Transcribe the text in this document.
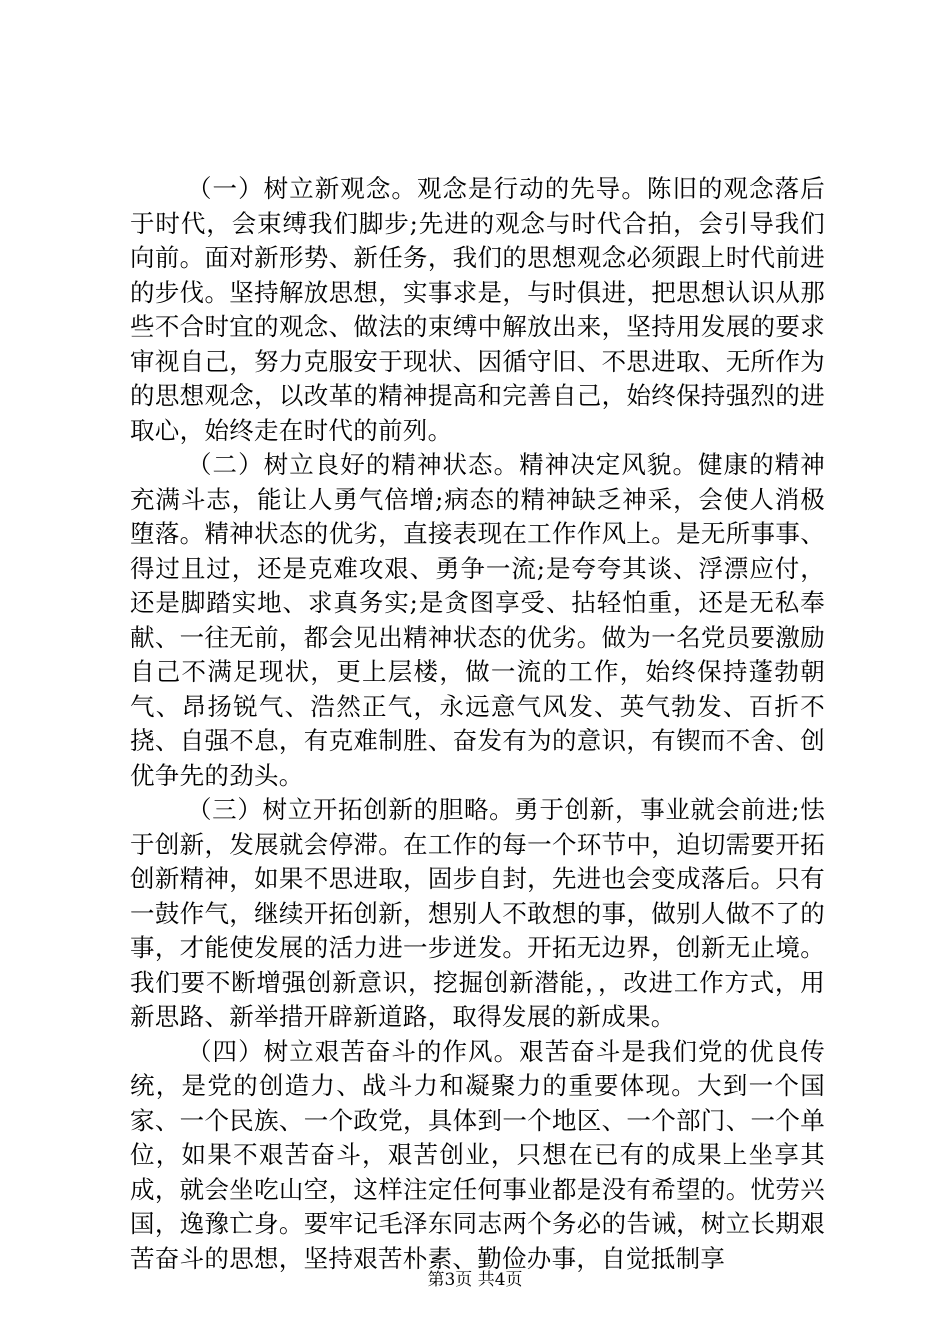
（一）树立新观念。观念是行动的先导。陈旧的观念落后于时代，会束缚我们脚步;先进的观念与时代合拍，会引导我们向前。面对新形势、新任务，我们的思想观念必须跟上时代前进的步伐。坚持解放思想，实事求是，与时俱进，把思想认识从那些不合时宜的观念、做法的束缚中解放出来，坚持用发展的要求审视自己，努力克服安于现状、因循守旧、不思进取、无所作为的思想观念，以改革的精神提高和完善自己，始终保持强烈的进取心，始终走在时代的前列。

（二）树立良好的精神状态。精神决定风貌。健康的精神充满斗志，能让人勇气倍增;病态的精神缺乏神采，会使人消极堕落。精神状态的优劣，直接表现在工作作风上。是无所事事、得过且过，还是克难攻艰、勇争一流;是夸夸其谈、浮漂应付，还是脚踏实地、求真务实;是贪图享受、拈轻怕重，还是无私奉献、一往无前，都会见出精神状态的优劣。做为一名党员要激励自己不满足现状，更上层楼，做一流的工作，始终保持蓬勃朝气、昂扬锐气、浩然正气，永远意气风发、英气勃发、百折不挠、自强不息，有克难制胜、奋发有为的意识，有锲而不舍、创优争先的劲头。

（三）树立开拓创新的胆略。勇于创新，事业就会前进;怯于创新，发展就会停滞。在工作的每一个环节中，迫切需要开拓创新精神，如果不思进取，固步自封，先进也会变成落后。只有一鼓作气，继续开拓创新，想别人不敢想的事，做别人做不了的事，才能使发展的活力进一步迸发。开拓无边界，创新无止境。我们要不断增强创新意识，挖掘创新潜能，，改进工作方式，用新思路、新举措开辟新道路，取得发展的新成果。

（四）树立艰苦奋斗的作风。艰苦奋斗是我们党的优良传统，是党的创造力、战斗力和凝聚力的重要体现。大到一个国家、一个民族、一个政党，具体到一个地区、一个部门、一个单位，如果不艰苦奋斗，艰苦创业，只想在已有的成果上坐享其成，就会坐吃山空，这样注定任何事业都是没有希望的。忧劳兴国，逸豫亡身。要牢记毛泽东同志两个务必的告诫，树立长期艰苦奋斗的思想，坚持艰苦朴素、勤俭办事，自觉抵制享

第3页 共4页
